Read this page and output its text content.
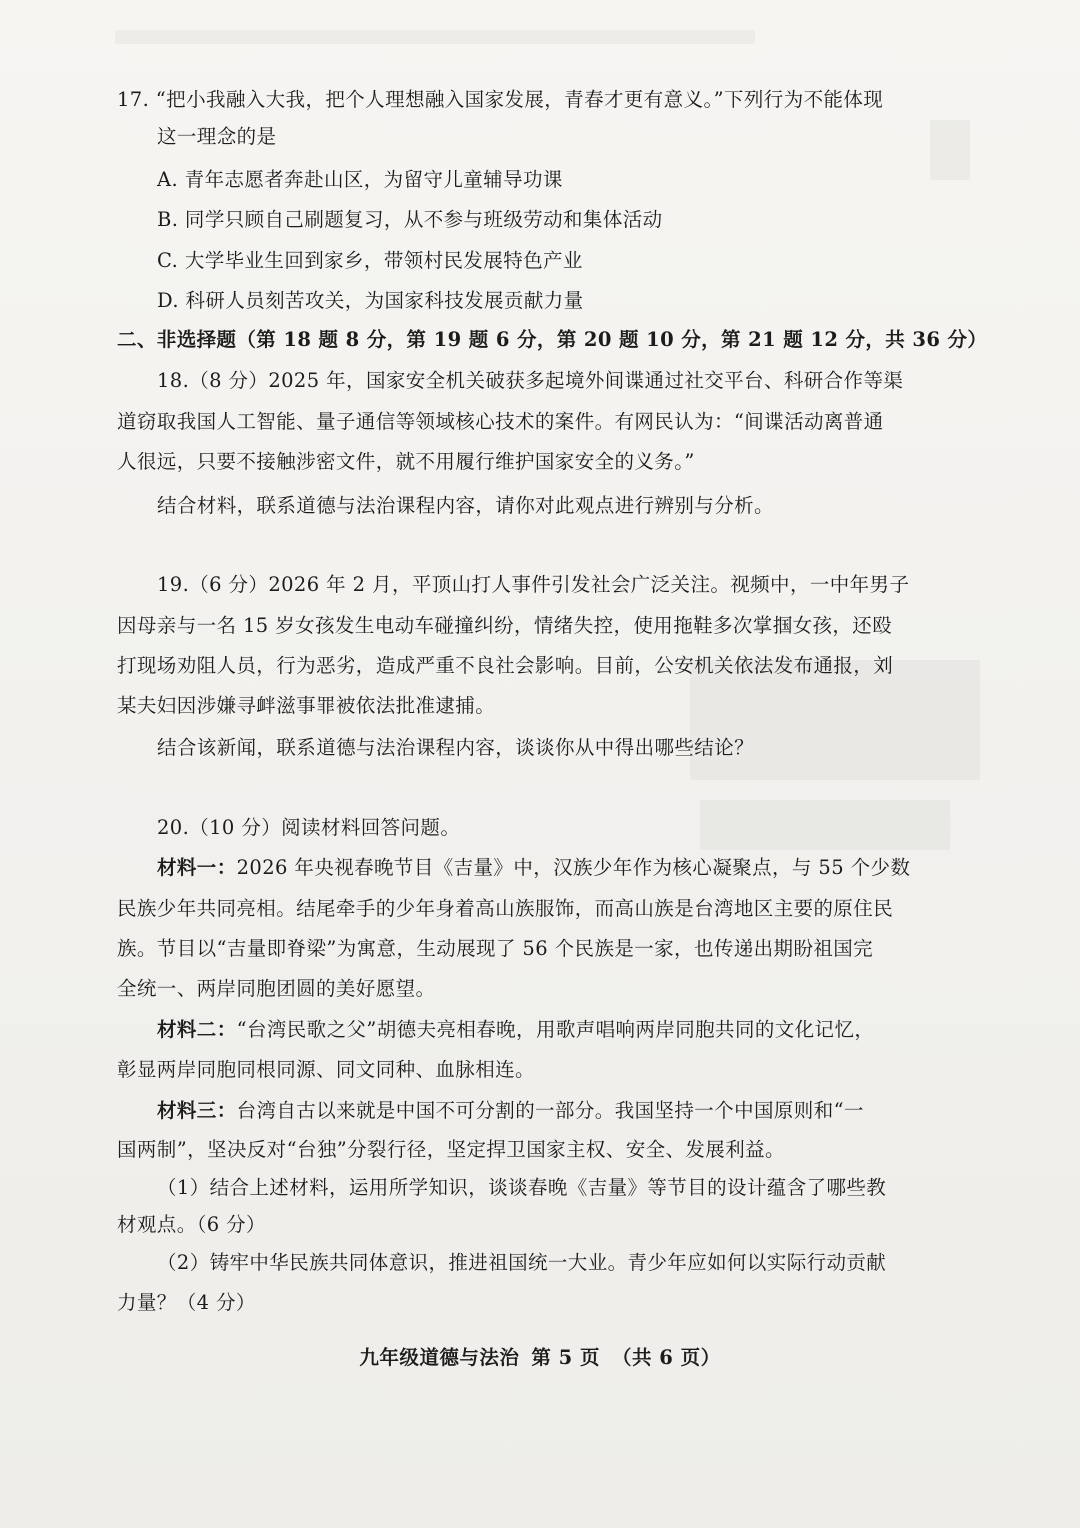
17. “把小我融入大我，把个人理想融入国家发展，青春才更有意义。”下列行为不能体现
这一理念的是
A. 青年志愿者奔赴山区，为留守儿童辅导功课
B. 同学只顾自己刷题复习，从不参与班级劳动和集体活动
C. 大学毕业生回到家乡，带领村民发展特色产业
D. 科研人员刻苦攻关，为国家科技发展贡献力量
二、非选择题（第 18 题 8 分，第 19 题 6 分，第 20 题 10 分，第 21 题 12 分，共 36 分）
18.（8 分）2025 年，国家安全机关破获多起境外间谍通过社交平台、科研合作等渠
道窃取我国人工智能、量子通信等领域核心技术的案件。有网民认为：“间谍活动离普通
人很远，只要不接触涉密文件，就不用履行维护国家安全的义务。”
结合材料，联系道德与法治课程内容，请你对此观点进行辨别与分析。
19.（6 分）2026 年 2 月，平顶山打人事件引发社会广泛关注。视频中，一中年男子
因母亲与一名 15 岁女孩发生电动车碰撞纠纷，情绪失控，使用拖鞋多次掌掴女孩，还殴
打现场劝阻人员，行为恶劣，造成严重不良社会影响。目前，公安机关依法发布通报，刘
某夫妇因涉嫌寻衅滋事罪被依法批准逮捕。
结合该新闻，联系道德与法治课程内容，谈谈你从中得出哪些结论？
20.（10 分）阅读材料回答问题。
材料一：2026 年央视春晚节目《吉量》中，汉族少年作为核心凝聚点，与 55 个少数
民族少年共同亮相。结尾牵手的少年身着高山族服饰，而高山族是台湾地区主要的原住民
族。节目以“吉量即脊梁”为寓意，生动展现了 56 个民族是一家，也传递出期盼祖国完
全统一、两岸同胞团圆的美好愿望。
材料二：“台湾民歌之父”胡德夫亮相春晚，用歌声唱响两岸同胞共同的文化记忆，
彰显两岸同胞同根同源、同文同种、血脉相连。
材料三：台湾自古以来就是中国不可分割的一部分。我国坚持一个中国原则和“一
国两制”，坚决反对“台独”分裂行径，坚定捍卫国家主权、安全、发展利益。
（1）结合上述材料，运用所学知识，谈谈春晚《吉量》等节目的设计蕴含了哪些教
材观点。（6 分）
（2）铸牢中华民族共同体意识，推进祖国统一大业。青少年应如何以实际行动贡献
力量？（4 分）
九年级道德与法治 第 5 页 （共 6 页）
